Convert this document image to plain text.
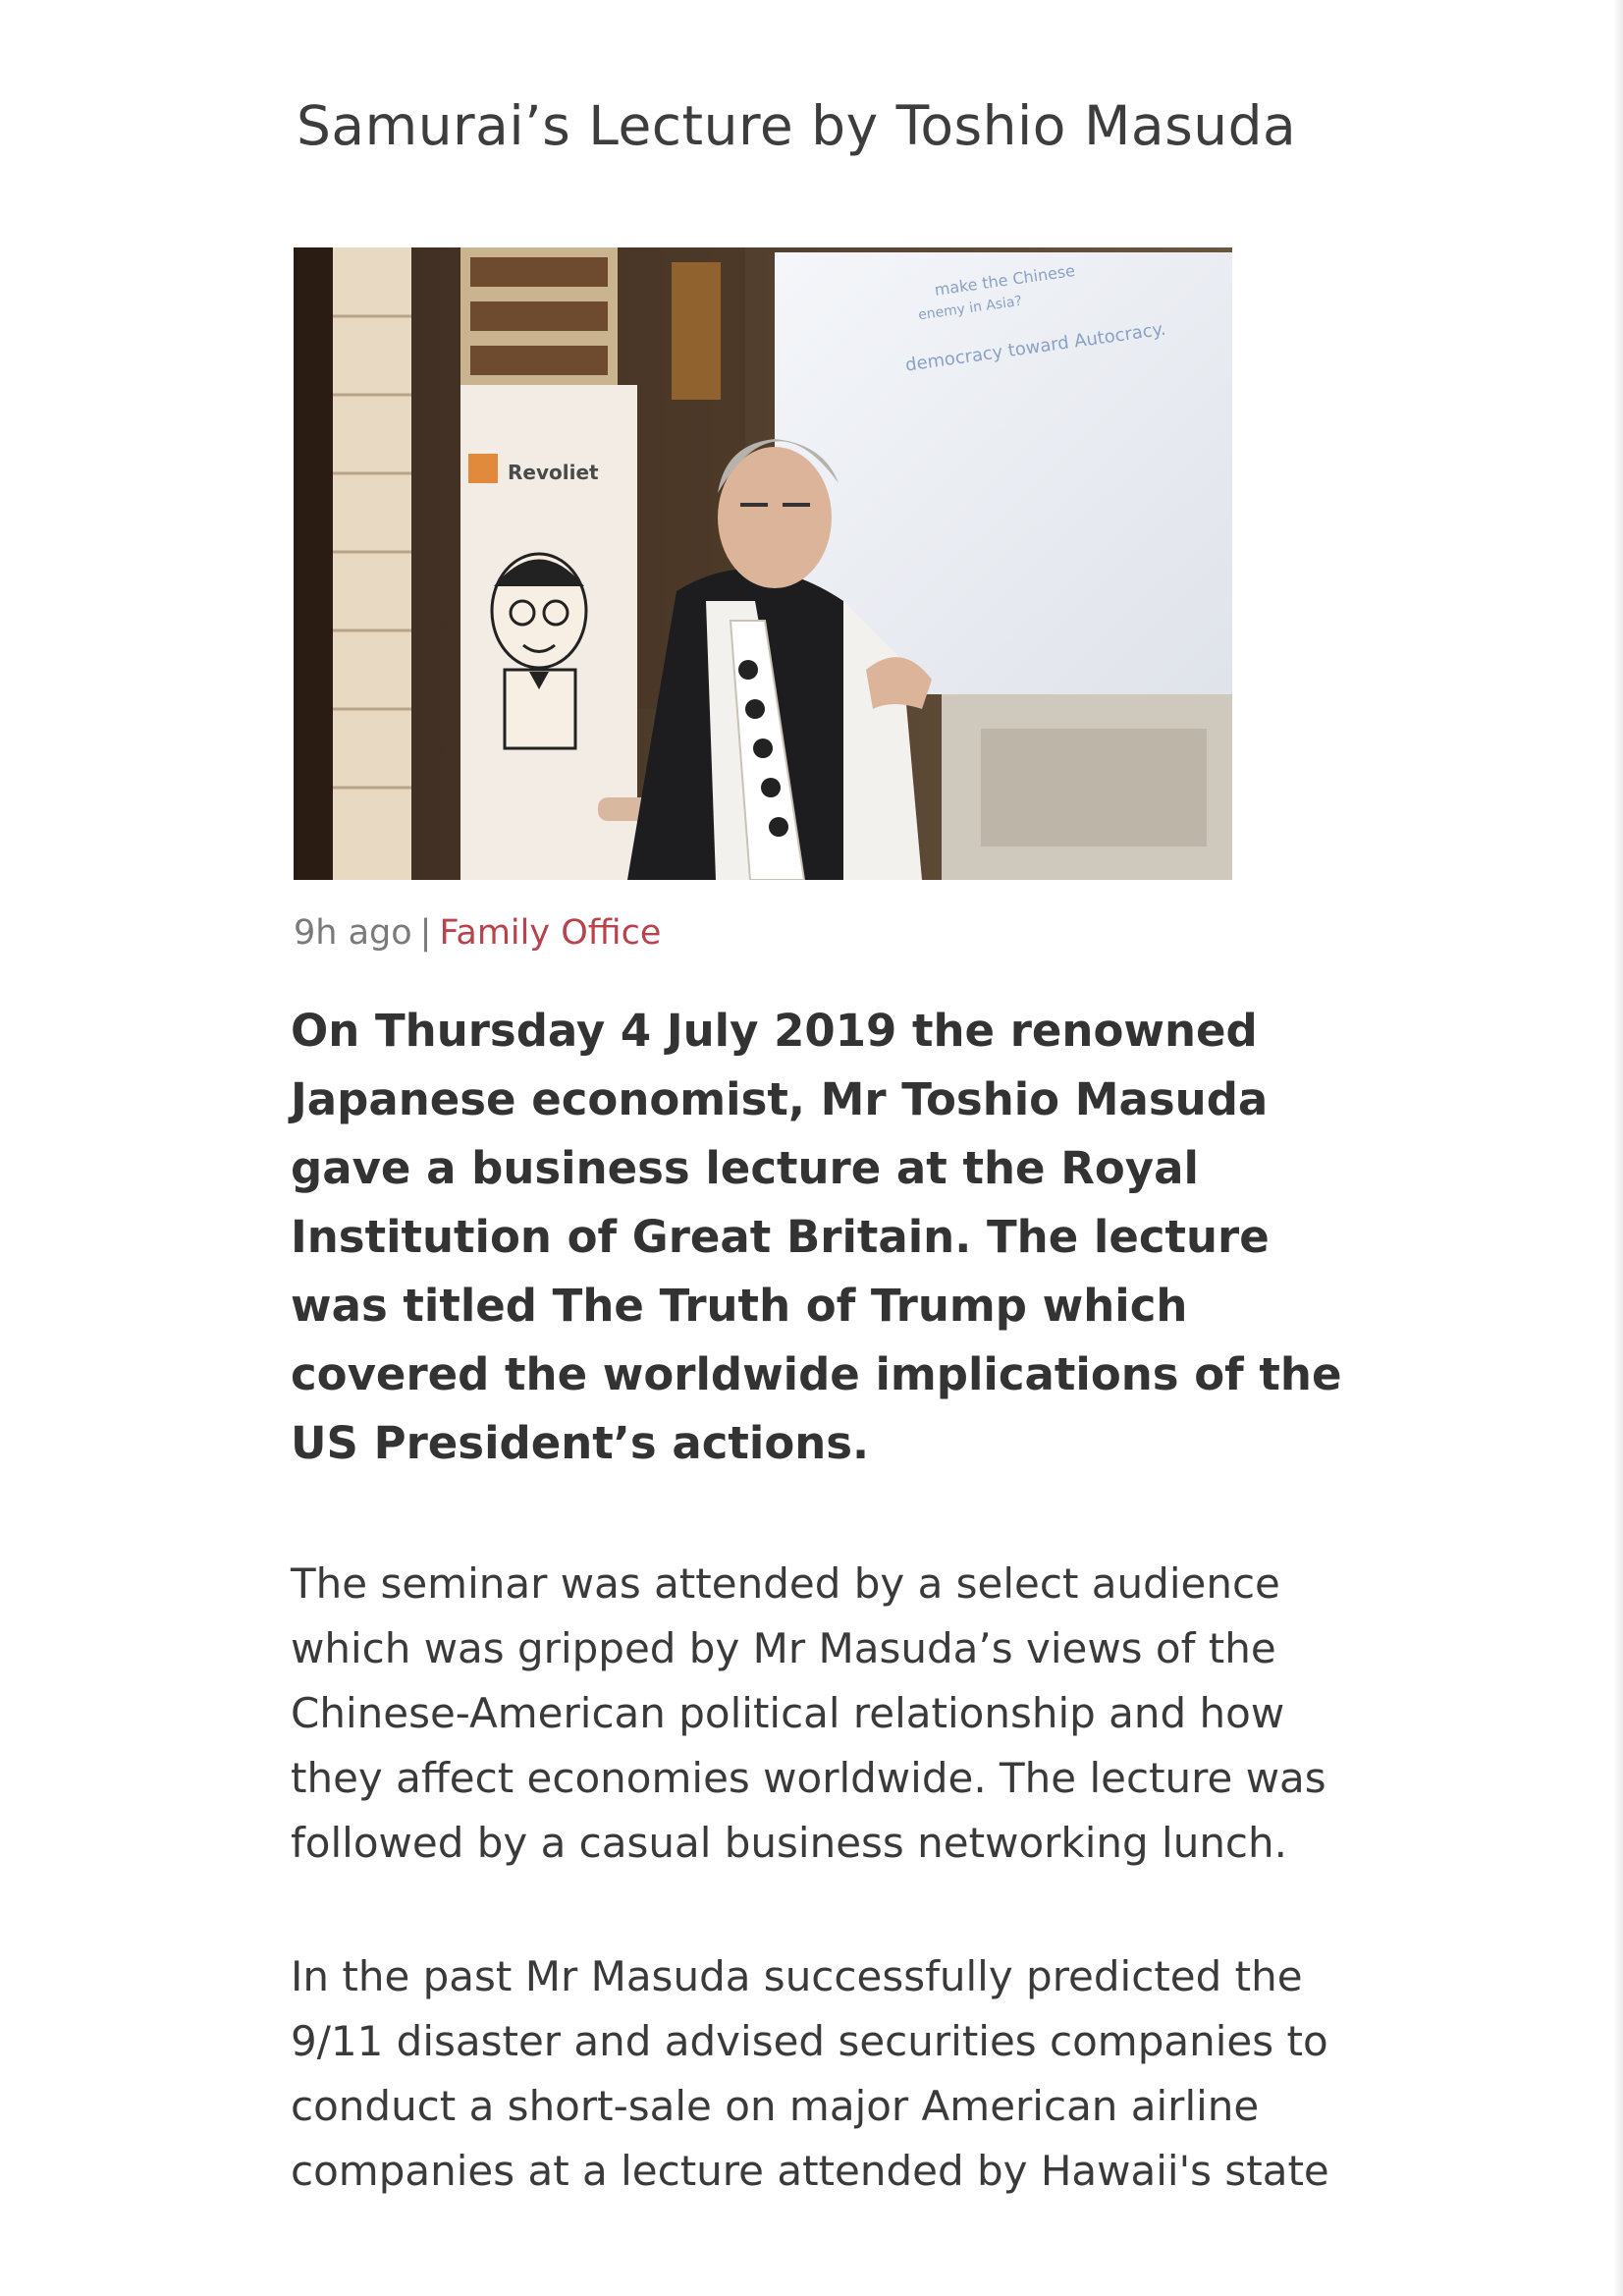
Samurai’s Lecture by Toshio Masuda
make the Chinese
enemy in Asia?
democracy toward Autocracy.
Revoliet
9h ago | Family Office

On Thursday 4 July 2019 the renowned Japanese economist, Mr Toshio Masuda gave a business lecture at the Royal Institution of Great Britain. The lecture was titled The Truth of Trump which covered the worldwide implications of the US President’s actions.

The seminar was attended by a select audience which was gripped by Mr Masuda’s views of the Chinese-American political relationship and how they affect economies worldwide. The lecture was followed by a casual business networking lunch.

In the past Mr Masuda successfully predicted the 9/11 disaster and advised securities companies to conduct a short-sale on major American airline companies at a lecture attended by Hawaii's state
